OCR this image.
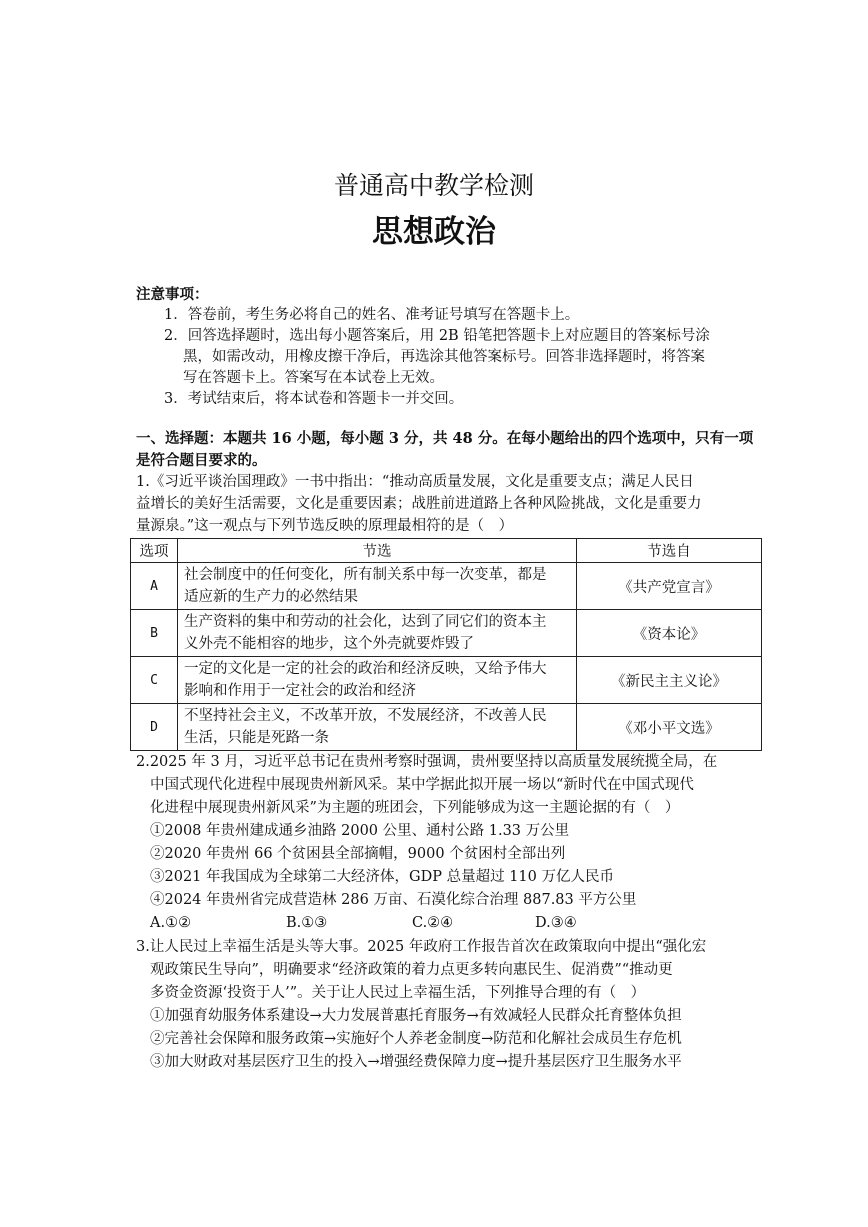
普通高中教学检测
思想政治
注意事项：
1．答卷前，考生务必将自己的姓名、准考证号填写在答题卡上。
2．回答选择题时，选出每小题答案后，用 2B 铅笔把答题卡上对应题目的答案标号涂
黑，如需改动，用橡皮擦干净后，再选涂其他答案标号。回答非选择题时，将答案
写在答题卡上。答案写在本试卷上无效。
3．考试结束后，将本试卷和答题卡一并交回。
一、选择题：本题共 16 小题，每小题 3 分，共 48 分。在每小题给出的四个选项中，只有一项
是符合题目要求的。
1.《习近平谈治国理政》一书中指出：“推动高质量发展，文化是重要支点；满足人民日
益增长的美好生活需要，文化是重要因素；战胜前进道路上各种风险挑战，文化是重要力
量源泉。”这一观点与下列节选反映的原理最相符的是（　）
选项	节选	节选自
A	社会制度中的任何变化，所有制关系中每一次变革，都是
适应新的生产力的必然结果	《共产党宣言》
B	生产资料的集中和劳动的社会化，达到了同它们的资本主
义外壳不能相容的地步，这个外壳就要炸毁了	《资本论》
C	一定的文化是一定的社会的政治和经济反映，又给予伟大
影响和作用于一定社会的政治和经济	《新民主主义论》
D	不坚持社会主义，不改革开放，不发展经济，不改善人民
生活，只能是死路一条	《邓小平文选》
2.2025 年 3 月，习近平总书记在贵州考察时强调，贵州要坚持以高质量发展统揽全局，在
中国式现代化进程中展现贵州新风采。某中学据此拟开展一场以“新时代在中国式现代
化进程中展现贵州新风采”为主题的班团会，下列能够成为这一主题论据的有（　）
①2008 年贵州建成通乡油路 2000 公里、通村公路 1.33 万公里
②2020 年贵州 66 个贫困县全部摘帽，9000 个贫困村全部出列
③2021 年我国成为全球第二大经济体，GDP 总量超过 110 万亿人民币
④2024 年贵州省完成营造林 286 万亩、石漠化综合治理 887.83 平方公里
A.①②	B.①③	C.②④	D.③④
3.让人民过上幸福生活是头等大事。2025 年政府工作报告首次在政策取向中提出“强化宏
观政策民生导向”，明确要求“经济政策的着力点更多转向惠民生、促消费”“推动更
多资金资源‘投资于人’”。关于让人民过上幸福生活，下列推导合理的有（　）
①加强育幼服务体系建设→大力发展普惠托育服务→有效减轻人民群众托育整体负担
②完善社会保障和服务政策→实施好个人养老金制度→防范和化解社会成员生存危机
③加大财政对基层医疗卫生的投入→增强经费保障力度→提升基层医疗卫生服务水平
